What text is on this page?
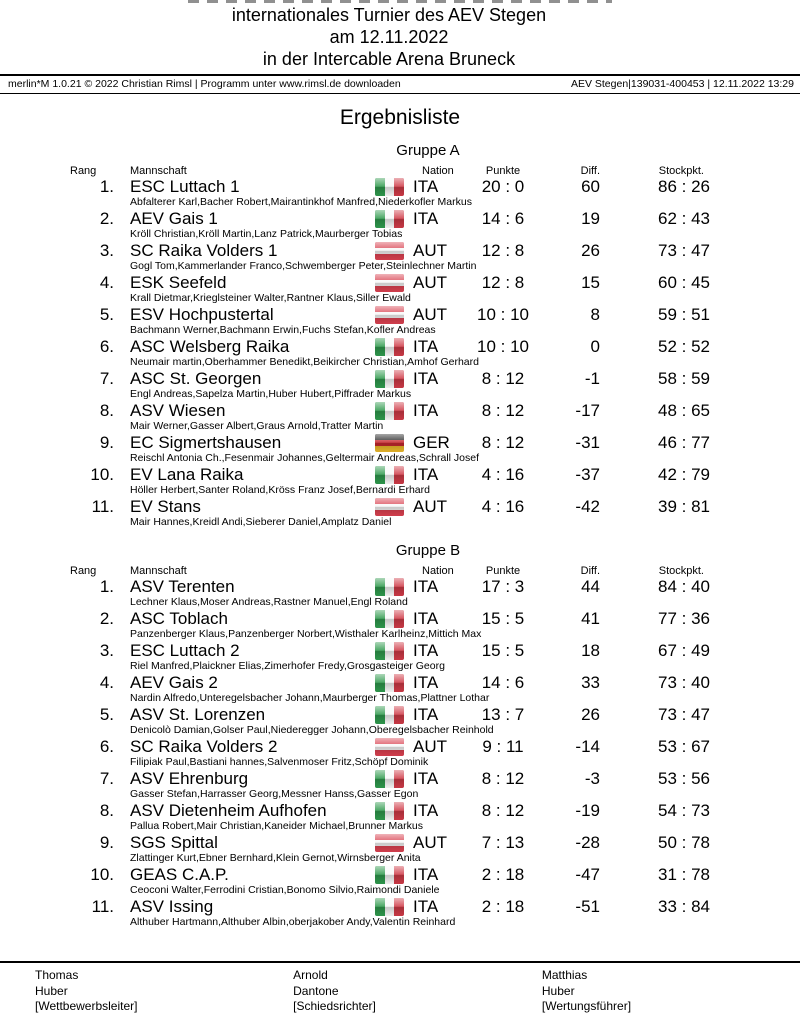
internationales Turnier des AEV Stegen
am 12.11.2022
in der Intercable Arena Bruneck
merlin*M 1.0.21 © 2022 Christian Rimsl | Programm unter www.rimsl.de downloaden	AEV Stegen|139031-400453 | 12.11.2022 13:29
Ergebnisliste
Gruppe A
Rang	Mannschaft	Nation	Punkte	Diff.	Stockpkt.
1. ESC Luttach 1	ITA	20 : 0	60	86 : 26
Abfalterer Karl,Bacher Robert,Mairantinkhof Manfred,Niederkofler Markus
2. AEV Gais 1	ITA	14 : 6	19	62 : 43
Kröll Christian,Kröll Martin,Lanz Patrick,Maurberger Tobias
3. SC Raika Volders 1	AUT	12 : 8	26	73 : 47
Gogl Tom,Kammerlander Franco,Schwemberger Peter,Steinlechner Martin
4. ESK Seefeld	AUT	12 : 8	15	60 : 45
Krall Dietmar,Krieglsteiner Walter,Rantner Klaus,Siller Ewald
5. ESV Hochpustertal	AUT	10 : 10	8	59 : 51
Bachmann Werner,Bachmann Erwin,Fuchs Stefan,Kofler Andreas
6. ASC Welsberg Raika	ITA	10 : 10	0	52 : 52
Neumair martin,Oberhammer Benedikt,Beikircher Christian,Amhof Gerhard
7. ASC St. Georgen	ITA	8 : 12	-1	58 : 59
Engl Andreas,Sapelza Martin,Huber Hubert,Piffrader Markus
8. ASV Wiesen	ITA	8 : 12	-17	48 : 65
Mair Werner,Gasser Albert,Graus Arnold,Tratter Martin
9. EC Sigmertshausen	GER	8 : 12	-31	46 : 77
Reischl Antonia Ch.,Fesenmair Johannes,Geltermair Andreas,Schrall Josef
10. EV Lana Raika	ITA	4 : 16	-37	42 : 79
Höller Herbert,Santer Roland,Kröss Franz Josef,Bernardi Erhard
11. EV Stans	AUT	4 : 16	-42	39 : 81
Mair Hannes,Kreidl Andi,Sieberer Daniel,Amplatz Daniel
Gruppe B
Rang	Mannschaft	Nation	Punkte	Diff.	Stockpkt.
1. ASV Terenten	ITA	17 : 3	44	84 : 40
Lechner Klaus,Moser Andreas,Rastner Manuel,Engl Roland
2. ASC Toblach	ITA	15 : 5	41	77 : 36
Panzenberger Klaus,Panzenberger Norbert,Wisthaler Karlheinz,Mittich Max
3. ESC Luttach 2	ITA	15 : 5	18	67 : 49
Riel Manfred,Plaickner Elias,Zimerhofer Fredy,Grosgasteiger Georg
4. AEV Gais 2	ITA	14 : 6	33	73 : 40
Nardin Alfredo,Unteregelsbacher Johann,Maurberger Thomas,Plattner Lothar
5. ASV St. Lorenzen	ITA	13 : 7	26	73 : 47
Denicolò Damian,Golser Paul,Niederegger Johann,Oberegelsbacher Reinhold
6. SC Raika Volders 2	AUT	9 : 11	-14	53 : 67
Filipiak Paul,Bastiani hannes,Salvenmoser Fritz,Schöpf Dominik
7. ASV Ehrenburg	ITA	8 : 12	-3	53 : 56
Gasser Stefan,Harrasser Georg,Messner Hanss,Gasser Egon
8. ASV Dietenheim Aufhofen	ITA	8 : 12	-19	54 : 73
Pallua Robert,Mair Christian,Kaneider Michael,Brunner Markus
9. SGS Spittal	AUT	7 : 13	-28	50 : 78
Zlattinger Kurt,Ebner Bernhard,Klein Gernot,Wirnsberger Anita
10. GEAS C.A.P.	ITA	2 : 18	-47	31 : 78
Ceoconi Walter,Ferrodini Cristian,Bonomo Silvio,Raimondi Daniele
11. ASV Issing	ITA	2 : 18	-51	33 : 84
Althuber Hartmann,Althuber Albin,oberjakober Andy,Valentin Reinhard
Thomas
Huber
[Wettbewerbsleiter]
Arnold
Dantone
[Schiedsrichter]
Matthias
Huber
[Wertungsführer]
